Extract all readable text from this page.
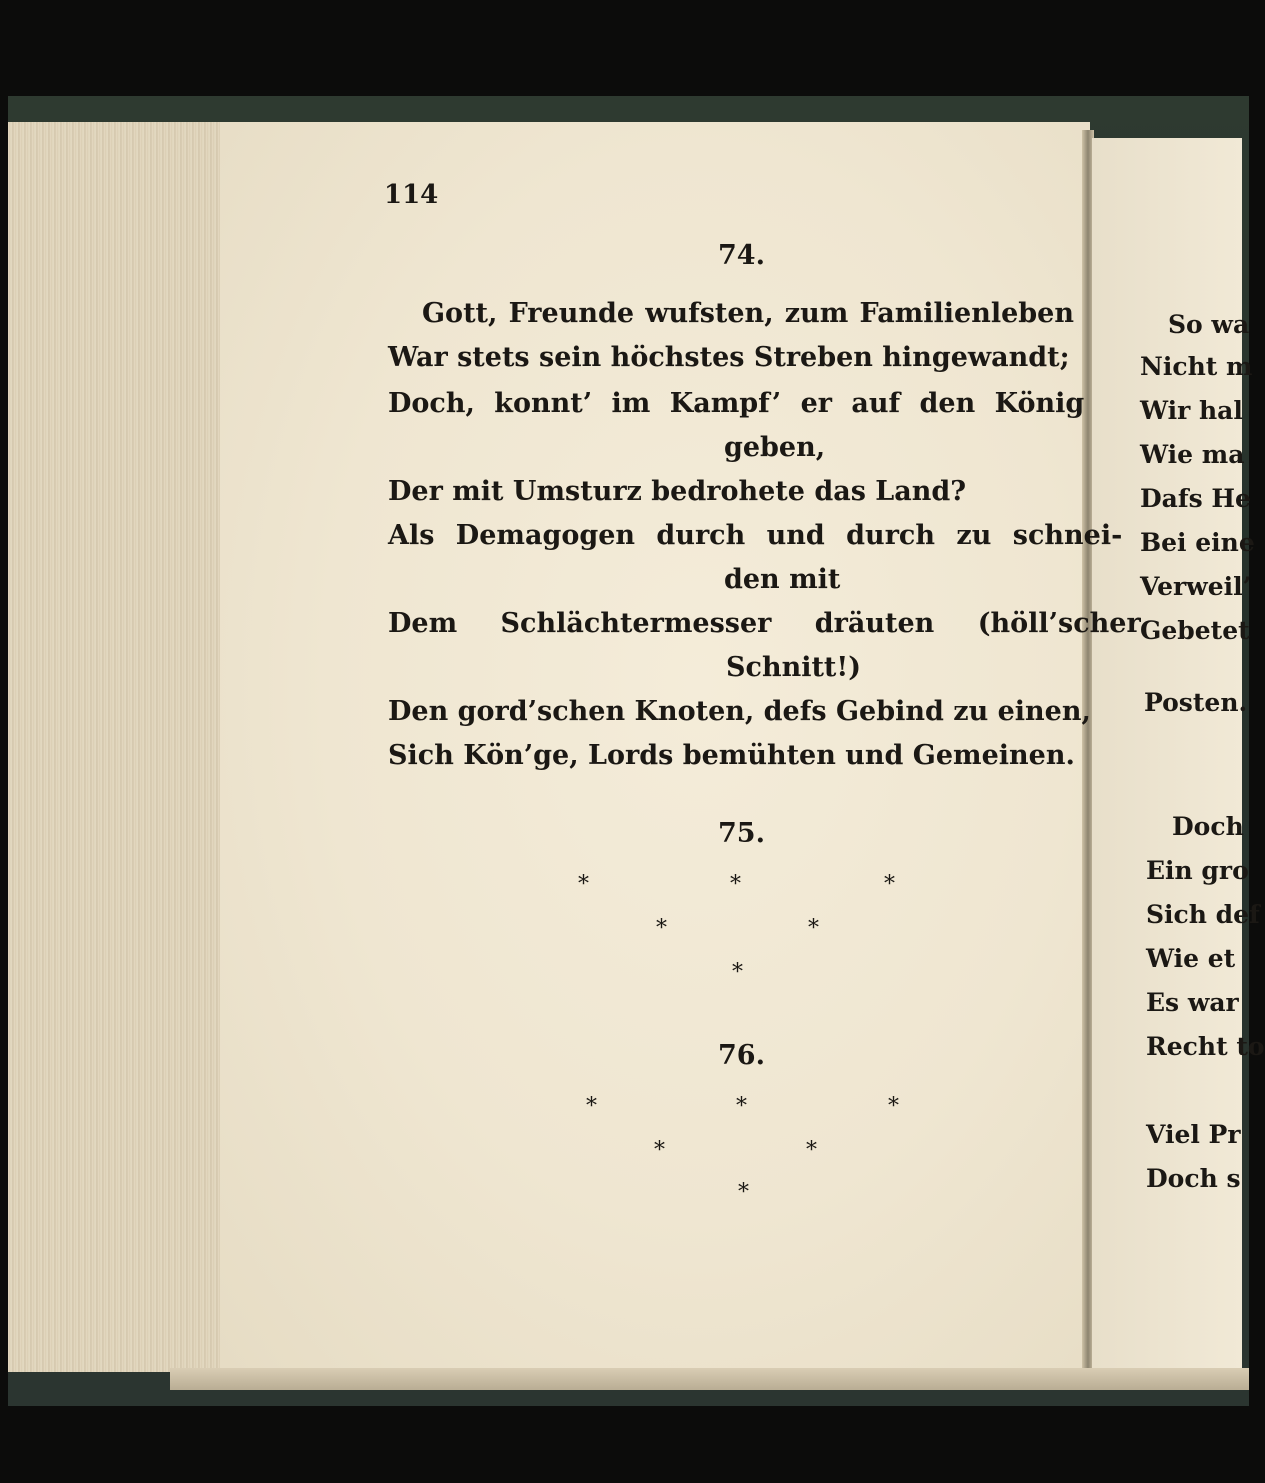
114
74.
Gott, Freunde wufsten, zum Familienleben
War stets sein höchstes Streben hingewandt;
Doch, konnt’ im Kampf’ er auf den König
geben,
Der mit Umsturz bedrohete das Land?
Als Demagogen durch und durch zu schnei-
den mit
Dem Schlächtermesser dräuten (höll’scher
Schnitt!)
Den gord’schen Knoten, defs Gebind zu einen,
Sich Kön’ge, Lords bemühten und Gemeinen.
75.
*	*	*
*	*
*
76.
*	*	*
*	*
*
So wa
Nicht m
Wir hal
Wie ma
Dafs He
Bei eine
Verweil’
Gebetet
Posten.
Doch
Ein gro
Sich def
Wie et
Es war
Recht to
Viel Pr
Doch s
